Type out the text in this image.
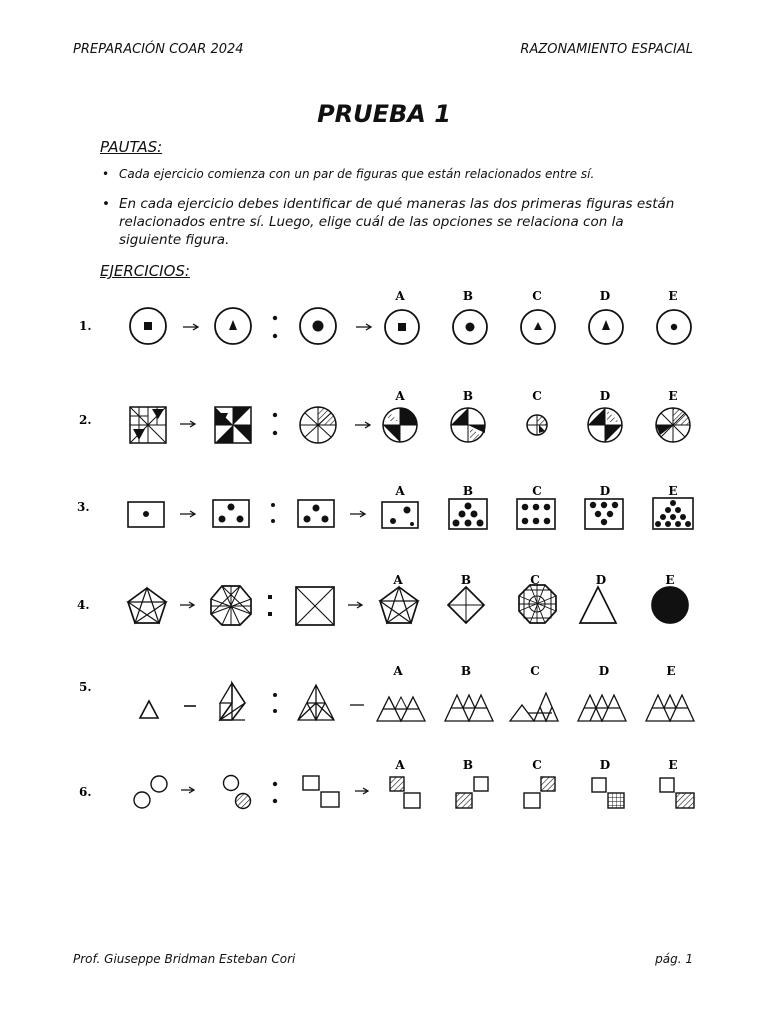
PREPARACIÓN COAR 2024	RAZONAMIENTO ESPACIAL
PRUEBA 1
PAUTAS:
• Cada ejercicio comienza con un par de figuras que están relacionados entre sí.
• En cada ejercicio debes identificar de qué maneras las dos primeras figuras están relacionados entre sí. Luego, elige cuál de las opciones se relaciona con la siguiente figura.
EJERCICIOS:
A	B	C	D	E
A	B	C	D	E
A	B	C	D	E
A	B	C	D	E
A	B	C	D	E
A	B	C	D	E
1.
2.
3.
4.
5.
6.
Prof. Giuseppe Bridman Esteban Cori	pág. 1
